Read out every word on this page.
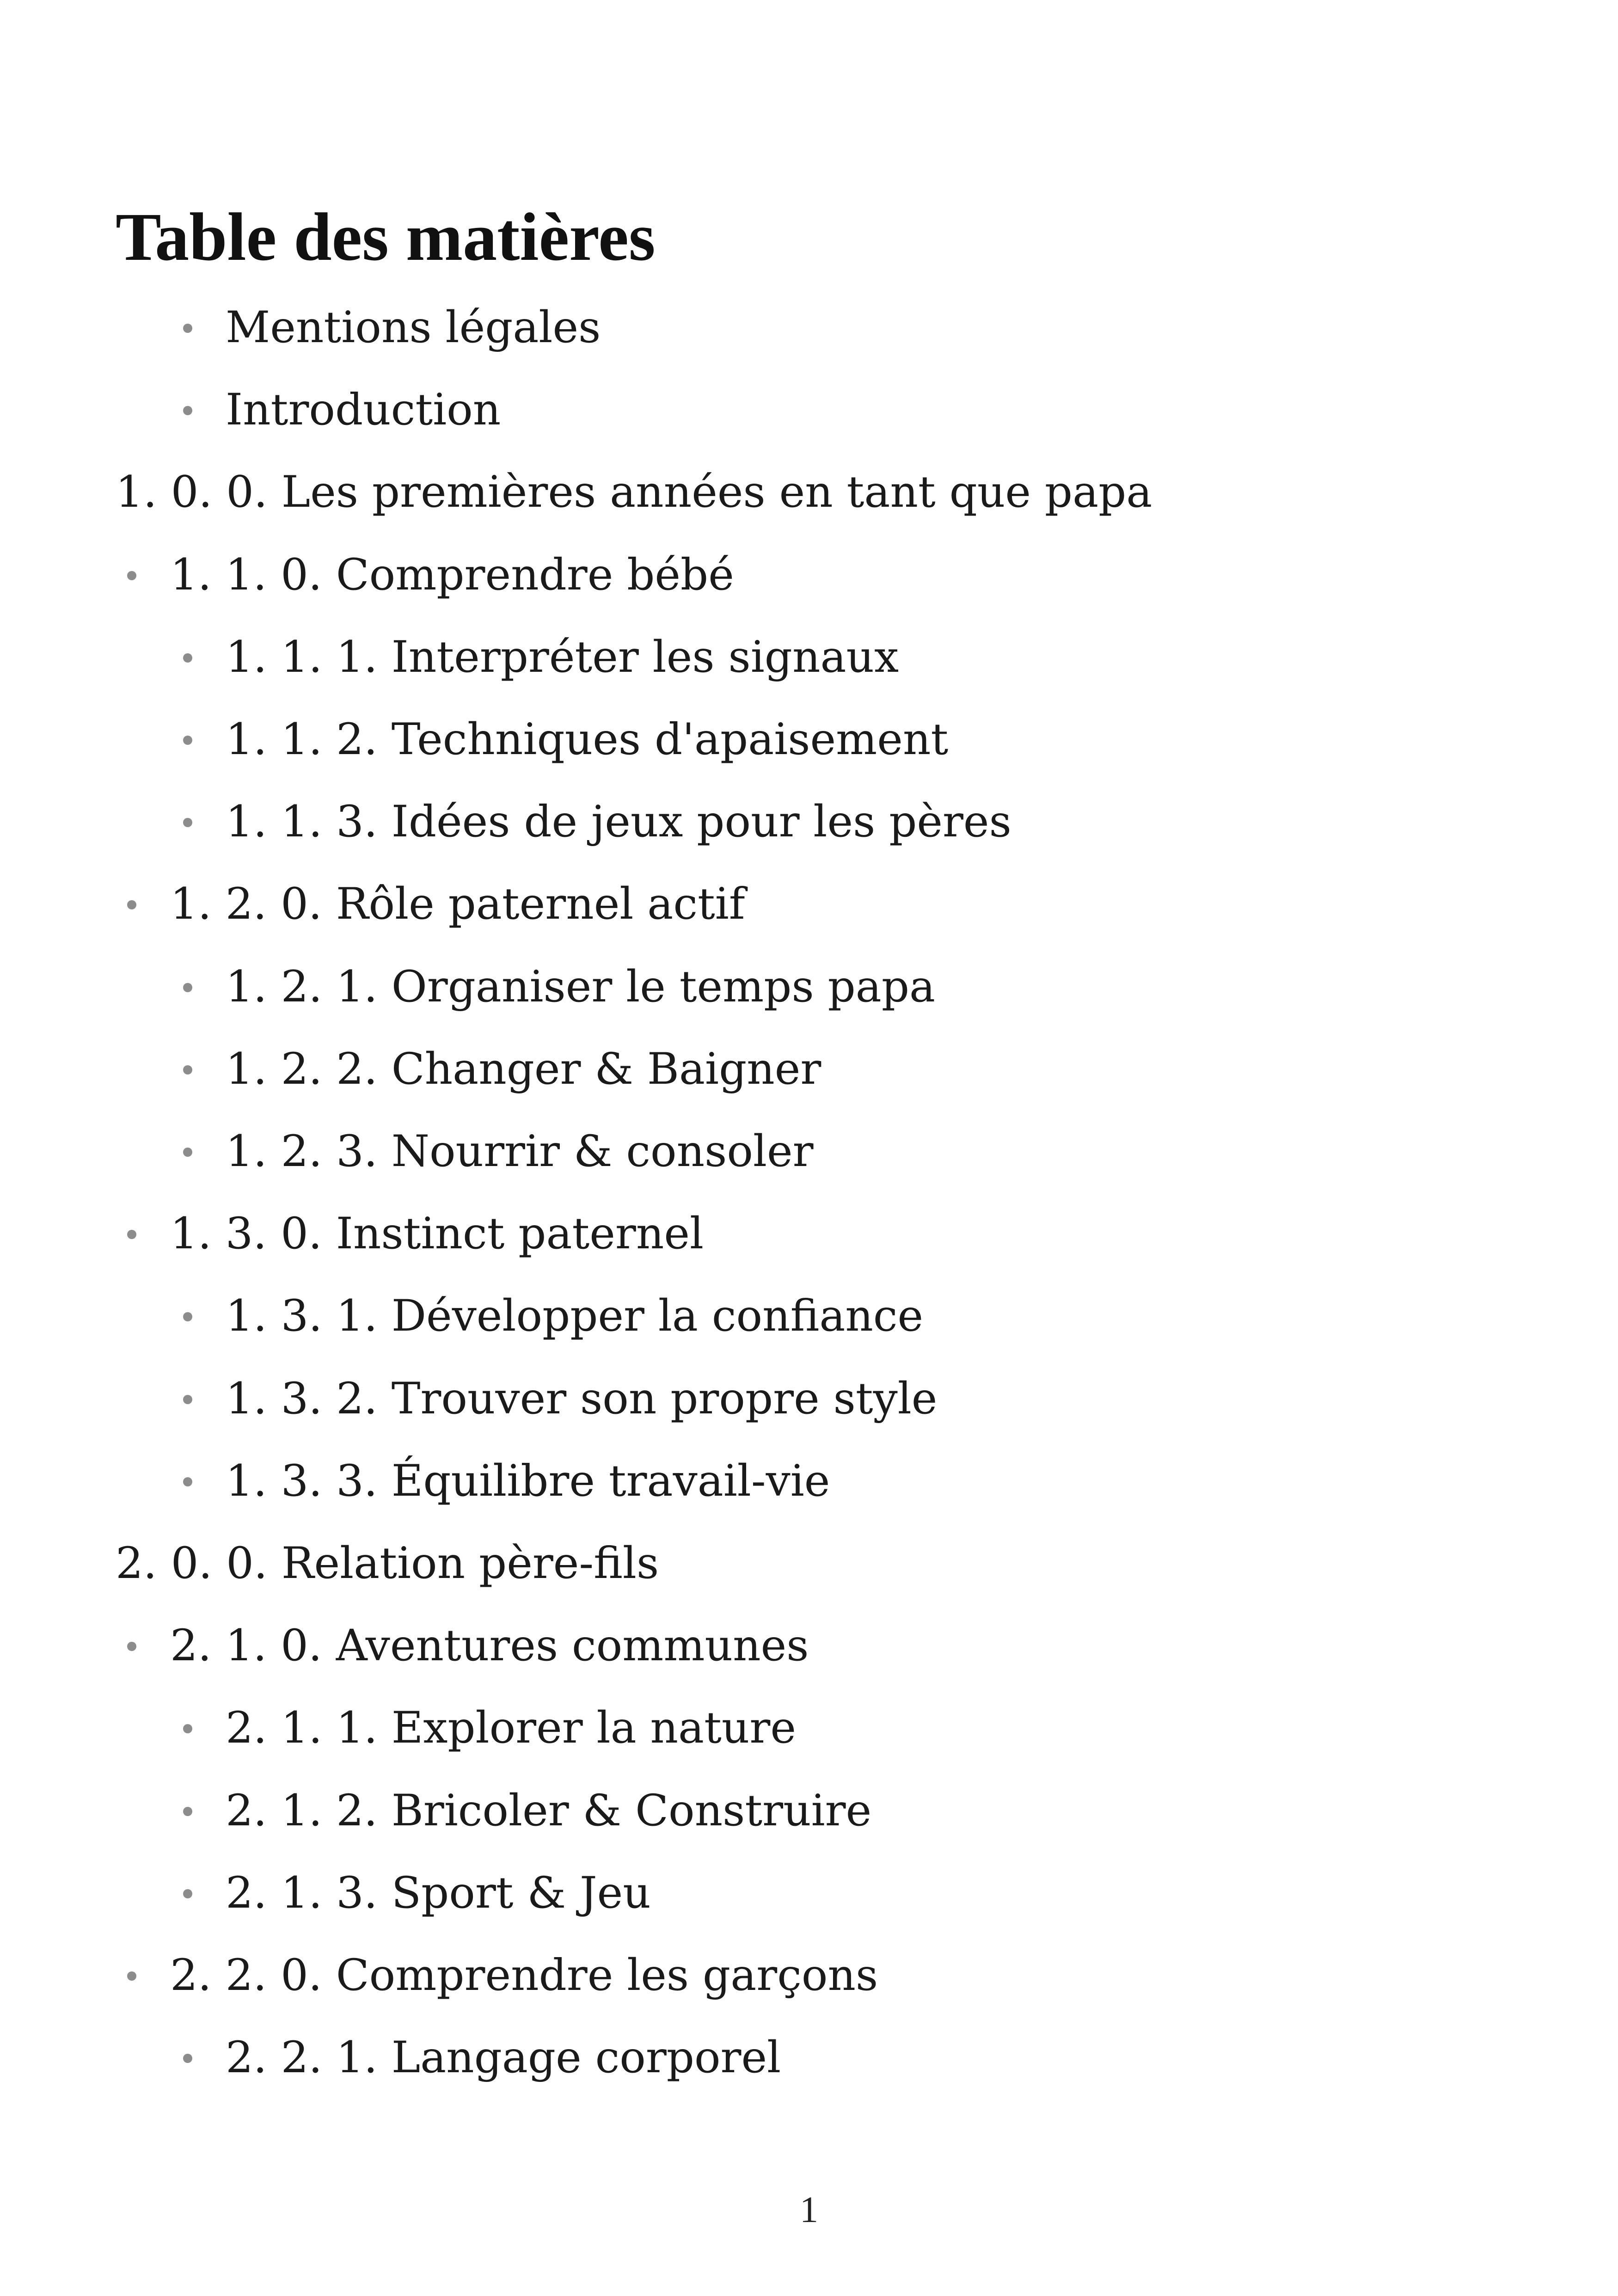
Table des matières
Mentions légales
Introduction
1. 0. 0. Les premières années en tant que papa
1. 1. 0. Comprendre bébé
1. 1. 1. Interpréter les signaux
1. 1. 2. Techniques d'apaisement
1. 1. 3. Idées de jeux pour les pères
1. 2. 0. Rôle paternel actif
1. 2. 1. Organiser le temps papa
1. 2. 2. Changer & Baigner
1. 2. 3. Nourrir & consoler
1. 3. 0. Instinct paternel
1. 3. 1. Développer la confiance
1. 3. 2. Trouver son propre style
1. 3. 3. Équilibre travail-vie
2. 0. 0. Relation père-fils
2. 1. 0. Aventures communes
2. 1. 1. Explorer la nature
2. 1. 2. Bricoler & Construire
2. 1. 3. Sport & Jeu
2. 2. 0. Comprendre les garçons
2. 2. 1. Langage corporel
1
